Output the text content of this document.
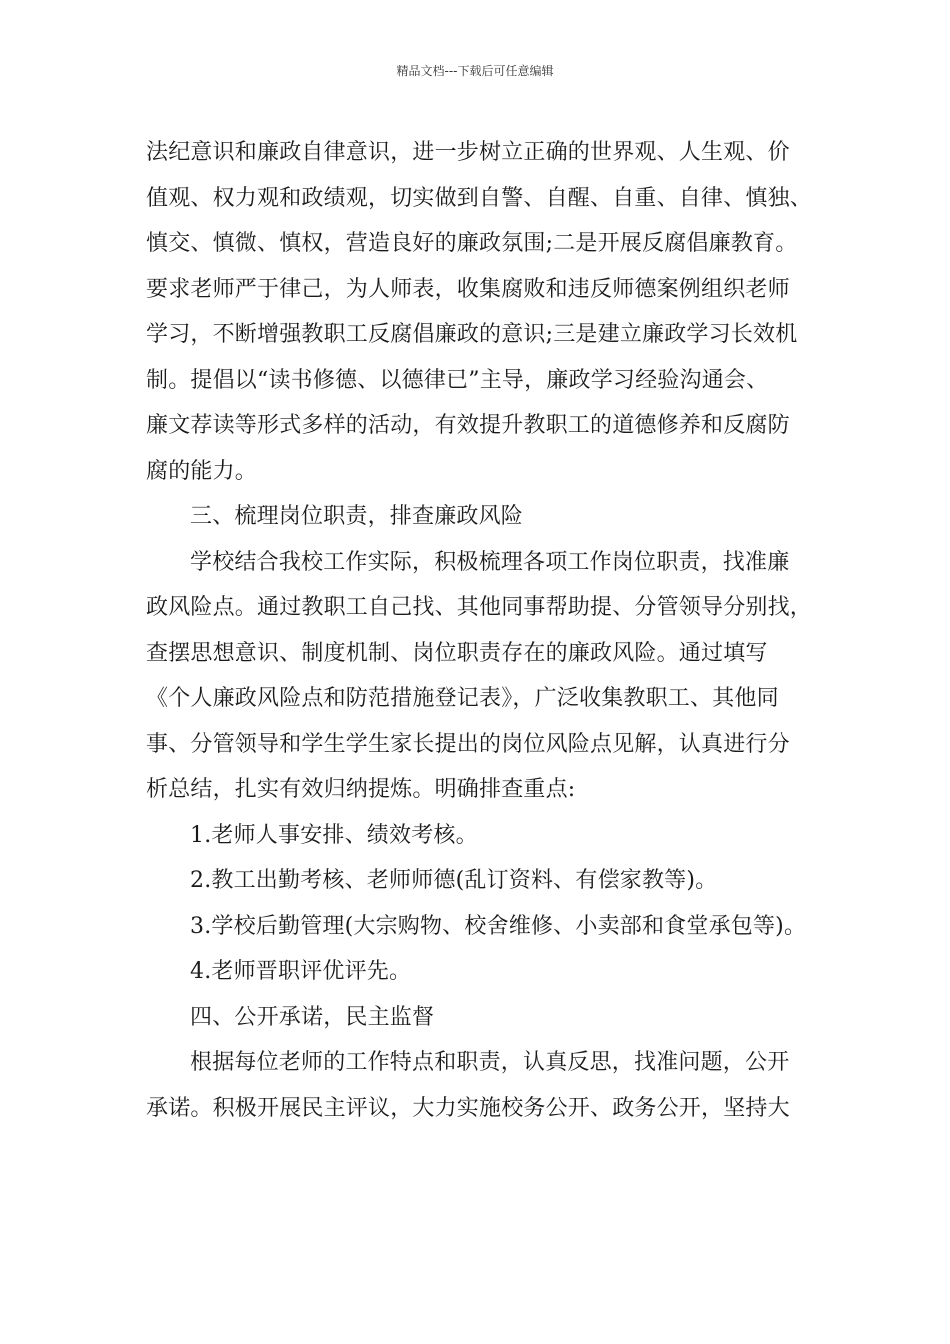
精品文档---下载后可任意编辑

法纪意识和廉政自律意识，进一步树立正确的世界观、人生观、价

值观、权力观和政绩观，切实做到自警、自醒、自重、自律、慎独、

慎交、慎微、慎权，营造良好的廉政氛围;二是开展反腐倡廉教育。

要求老师严于律己，为人师表，收集腐败和违反师德案例组织老师

学习，不断增强教职工反腐倡廉政的意识;三是建立廉政学习长效机

制。提倡以“读书修德、以德律已”主导，廉政学习经验沟通会、

廉文荐读等形式多样的活动，有效提升教职工的道德修养和反腐防

腐的能力。

三、梳理岗位职责，排查廉政风险

学校结合我校工作实际，积极梳理各项工作岗位职责，找准廉

政风险点。通过教职工自己找、其他同事帮助提、分管领导分别找，

查摆思想意识、制度机制、岗位职责存在的廉政风险。通过填写

《个人廉政风险点和防范措施登记表》，广泛收集教职工、其他同

事、分管领导和学生学生家长提出的岗位风险点见解，认真进行分

析总结，扎实有效归纳提炼。明确排查重点:

1.老师人事安排、绩效考核。

2.教工出勤考核、老师师德(乱订资料、有偿家教等)。

3.学校后勤管理(大宗购物、校舍维修、小卖部和食堂承包等)。

4.老师晋职评优评先。

四、公开承诺，民主监督

根据每位老师的工作特点和职责，认真反思，找准问题，公开

承诺。积极开展民主评议，大力实施校务公开、政务公开，坚持大
